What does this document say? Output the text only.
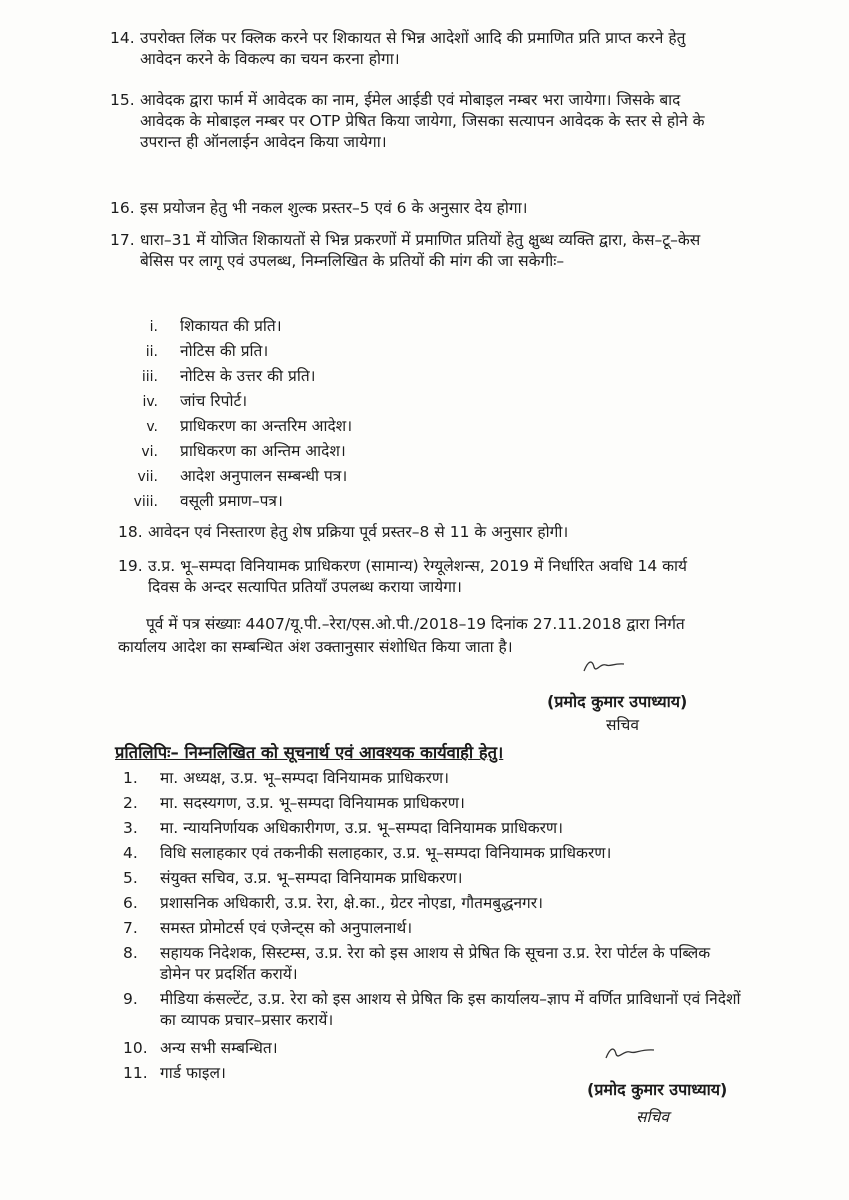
14. उपरोक्त लिंक पर क्लिक करने पर शिकायत से भिन्न आदेशों आदि की प्रमाणित प्रति प्राप्त करने हेतु आवेदन करने के विकल्प का चयन करना होगा।
15. आवेदक द्वारा फार्म में आवेदक का नाम, ईमेल आईडी एवं मोबाइल नम्बर भरा जायेगा। जिसके बाद आवेदक के मोबाइल नम्बर पर OTP प्रेषित किया जायेगा, जिसका सत्यापन आवेदक के स्तर से होने के उपरान्त ही ऑनलाईन आवेदन किया जायेगा।
16. इस प्रयोजन हेतु भी नकल शुल्क प्रस्तर–5 एवं 6 के अनुसार देय होगा।
17. धारा–31 में योजित शिकायतों से भिन्न प्रकरणों में प्रमाणित प्रतियों हेतु क्षुब्ध व्यक्ति द्वारा, केस–टू–केस बेसिस पर लागू एवं उपलब्ध, निम्नलिखित के प्रतियों की मांग की जा सकेगीः–
i. शिकायत की प्रति।
ii. नोटिस की प्रति।
iii. नोटिस के उत्तर की प्रति।
iv. जांच रिपोर्ट।
v. प्राधिकरण का अन्तरिम आदेश।
vi. प्राधिकरण का अन्तिम आदेश।
vii. आदेश अनुपालन सम्बन्धी पत्र।
viii. वसूली प्रमाण–पत्र।
18. आवेदन एवं निस्तारण हेतु शेष प्रक्रिया पूर्व प्रस्तर–8 से 11 के अनुसार होगी।
19. उ.प्र. भू–सम्पदा विनियामक प्राधिकरण (सामान्य) रेग्यूलेशन्स, 2019 में निर्धारित अवधि 14 कार्य दिवस के अन्दर सत्यापित प्रतियाँ उपलब्ध कराया जायेगा।
पूर्व में पत्र संख्याः 4407/यू.पी.–रेरा/एस.ओ.पी./2018–19 दिनांक 27.11.2018 द्वारा निर्गत कार्यालय आदेश का सम्बन्धित अंश उक्तानुसार संशोधित किया जाता है।
(प्रमोद कुमार उपाध्याय)
सचिव
प्रतिलिपिः– निम्नलिखित को सूचनार्थ एवं आवश्यक कार्यवाही हेतु।
1. मा. अध्यक्ष, उ.प्र. भू–सम्पदा विनियामक प्राधिकरण।
2. मा. सदस्यगण, उ.प्र. भू–सम्पदा विनियामक प्राधिकरण।
3. मा. न्यायनिर्णायक अधिकारीगण, उ.प्र. भू–सम्पदा विनियामक प्राधिकरण।
4. विधि सलाहकार एवं तकनीकी सलाहकार, उ.प्र. भू–सम्पदा विनियामक प्राधिकरण।
5. संयुक्त सचिव, उ.प्र. भू–सम्पदा विनियामक प्राधिकरण।
6. प्रशासनिक अधिकारी, उ.प्र. रेरा, क्षे.का., ग्रेटर नोएडा, गौतमबुद्धनगर।
7. समस्त प्रोमोटर्स एवं एजेन्ट्स को अनुपालनार्थ।
8. सहायक निदेशक, सिस्टम्स, उ.प्र. रेरा को इस आशय से प्रेषित कि सूचना उ.प्र. रेरा पोर्टल के पब्लिक डोमेन पर प्रदर्शित करायें।
9. मीडिया कंसल्टेंट, उ.प्र. रेरा को इस आशय से प्रेषित कि इस कार्यालय–ज्ञाप में वर्णित प्राविधानों एवं निदेशों का व्यापक प्रचार–प्रसार करायें।
10. अन्य सभी सम्बन्धित।
11. गार्ड फाइल।
(प्रमोद कुमार उपाध्याय)
सचिव
